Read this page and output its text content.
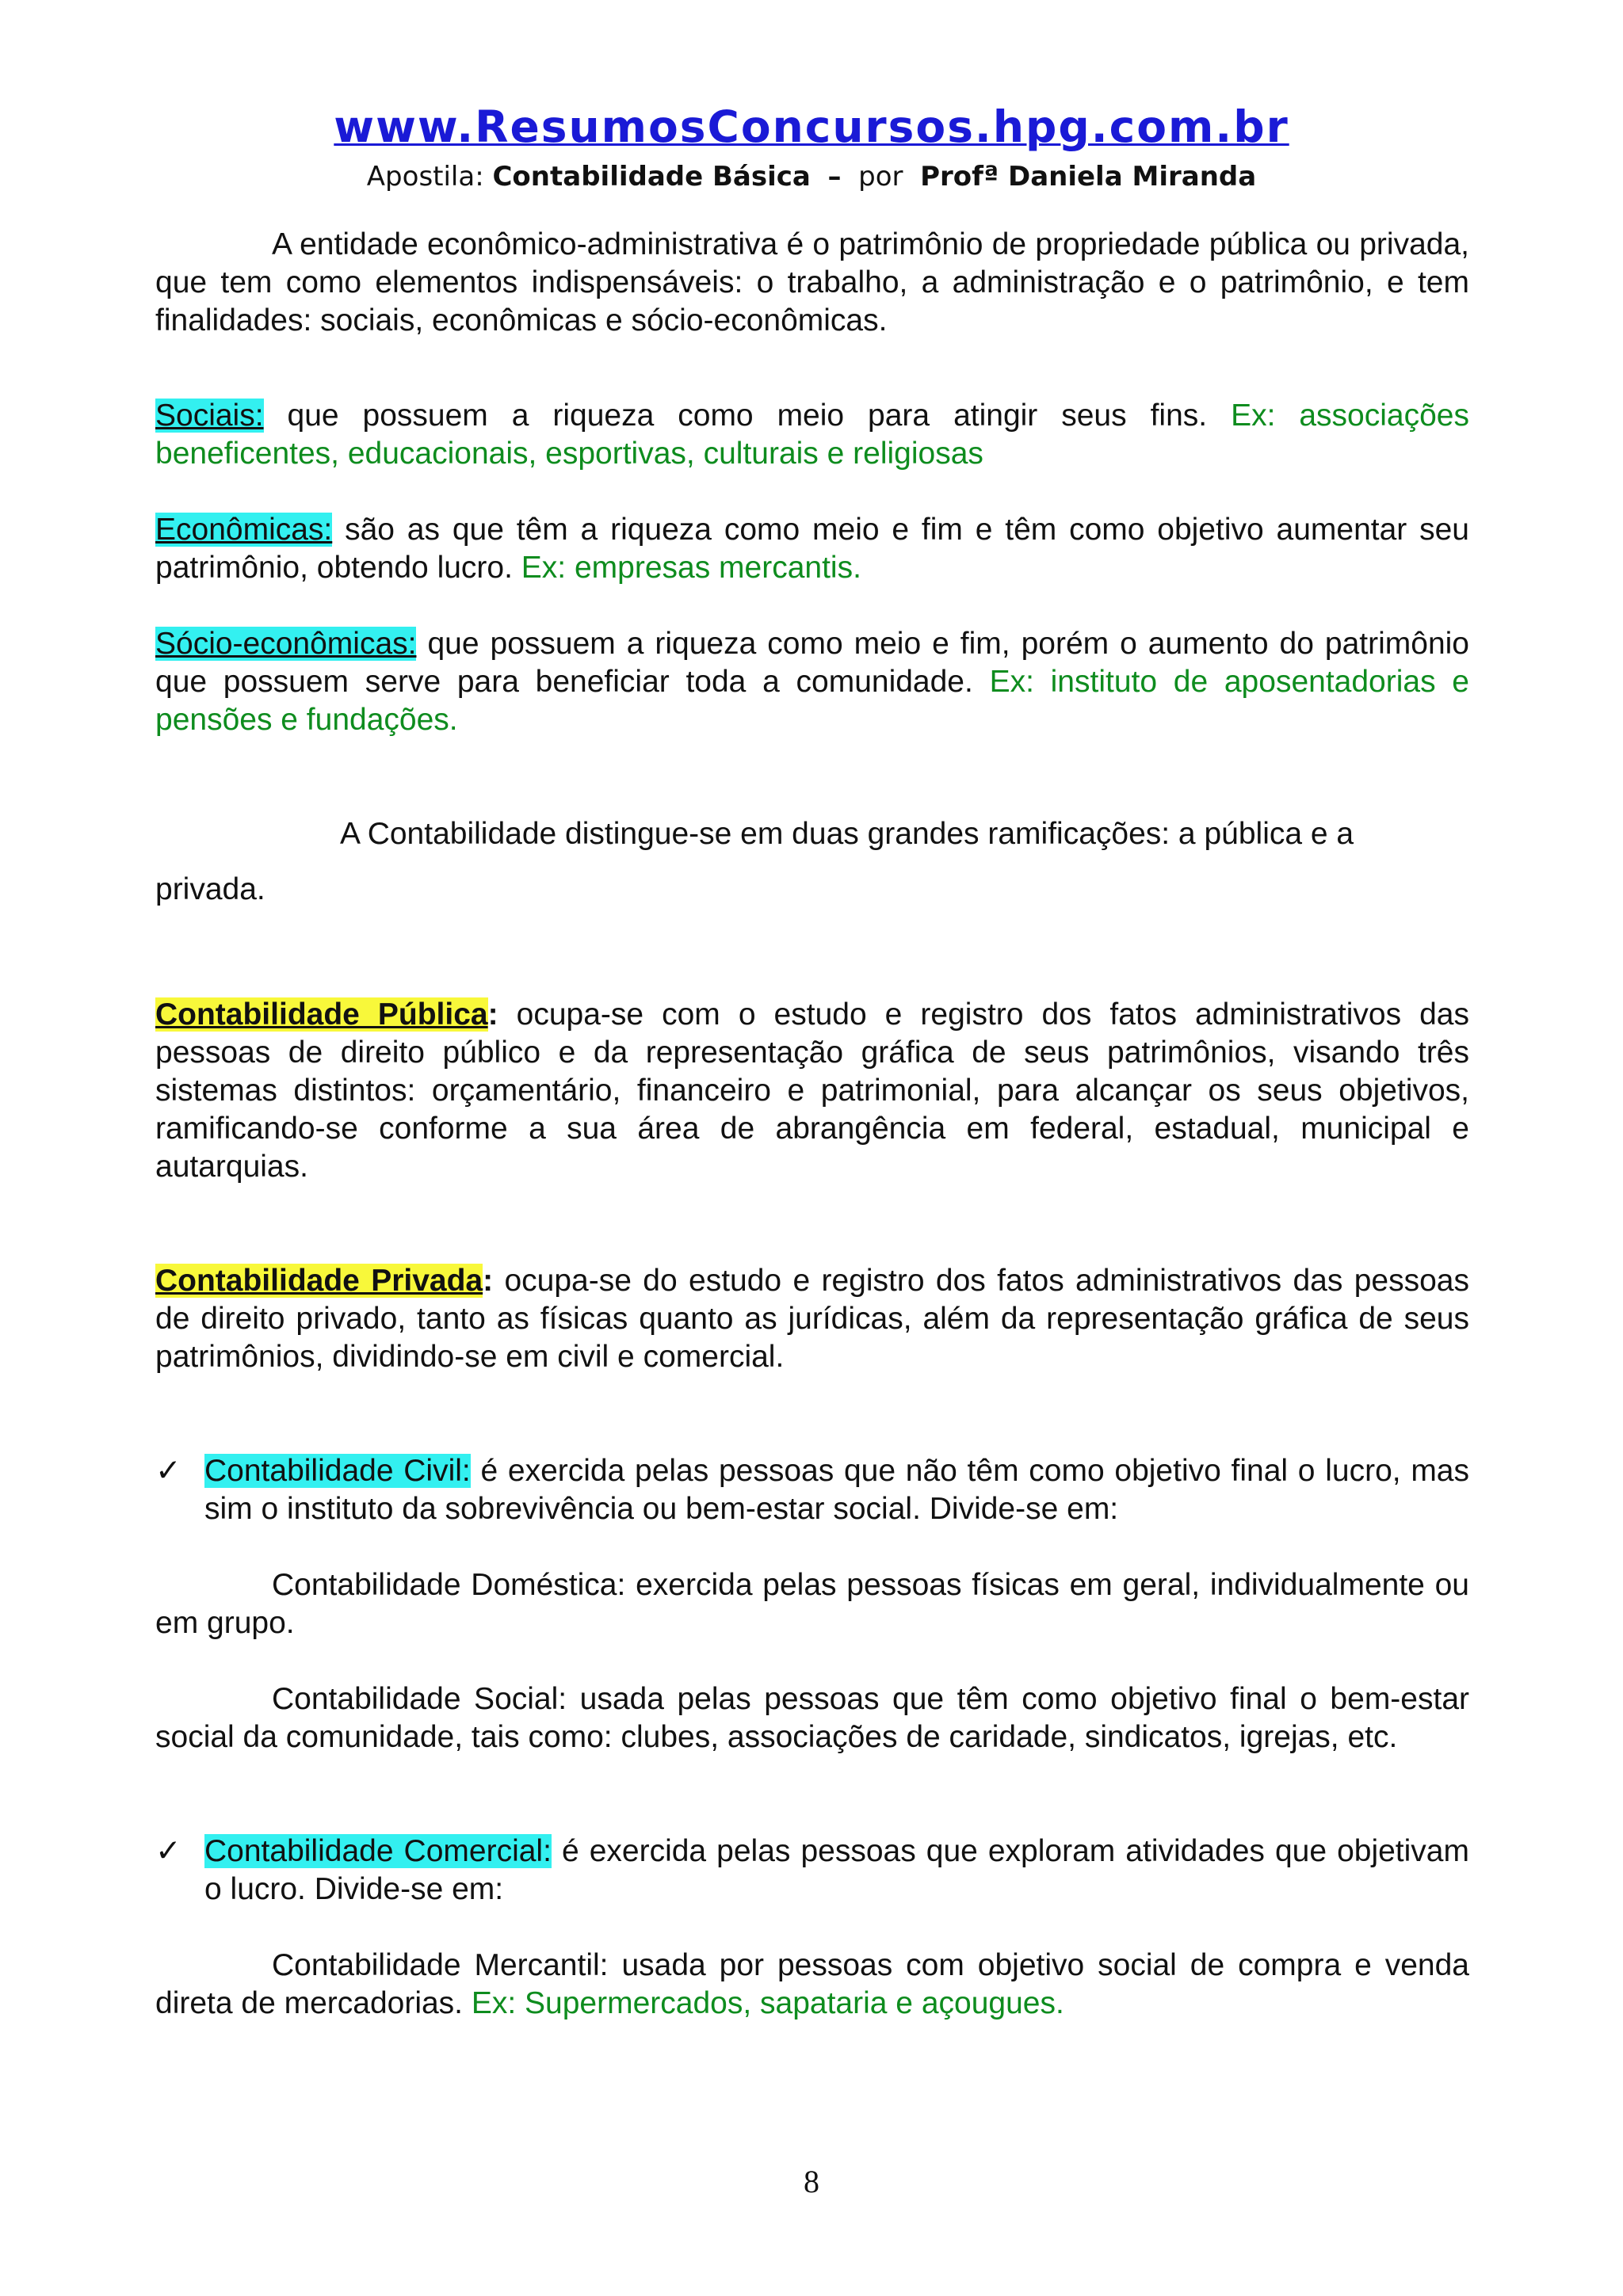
www.ResumosConcursos.hpg.com.br
Apostila: Contabilidade Básica – por Profª Daniela Miranda

A entidade econômico-administrativa é o patrimônio de propriedade pública ou privada, que tem como elementos indispensáveis: o trabalho, a administração e o patrimônio, e tem finalidades: sociais, econômicas e sócio-econômicas.

Sociais: que possuem a riqueza como meio para atingir seus fins. Ex: associações beneficentes, educacionais, esportivas, culturais e religiosas

Econômicas: são as que têm a riqueza como meio e fim e têm como objetivo aumentar seu patrimônio, obtendo lucro. Ex: empresas mercantis.

Sócio-econômicas: que possuem a riqueza como meio e fim, porém o aumento do patrimônio que possuem serve para beneficiar toda a comunidade. Ex: instituto de aposentadorias e pensões e fundações.

A Contabilidade distingue-se em duas grandes ramificações: a pública e a
privada.

Contabilidade Pública: ocupa-se com o estudo e registro dos fatos administrativos das pessoas de direito público e da representação gráfica de seus patrimônios, visando três sistemas distintos: orçamentário, financeiro e patrimonial, para alcançar os seus objetivos, ramificando-se conforme a sua área de abrangência em federal, estadual, municipal e autarquias.

Contabilidade Privada: ocupa-se do estudo e registro dos fatos administrativos das pessoas de direito privado, tanto as físicas quanto as jurídicas, além da representação gráfica de seus patrimônios, dividindo-se em civil e comercial.

✓ Contabilidade Civil: é exercida pelas pessoas que não têm como objetivo final o lucro, mas sim o instituto da sobrevivência ou bem-estar social. Divide-se em:

Contabilidade Doméstica: exercida pelas pessoas físicas em geral, individualmente ou em grupo.

Contabilidade Social: usada pelas pessoas que têm como objetivo final o bem-estar social da comunidade, tais como: clubes, associações de caridade, sindicatos, igrejas, etc.

✓ Contabilidade Comercial: é exercida pelas pessoas que exploram atividades que objetivam o lucro. Divide-se em:

Contabilidade Mercantil: usada por pessoas com objetivo social de compra e venda direta de mercadorias. Ex: Supermercados, sapataria e açougues.

8
